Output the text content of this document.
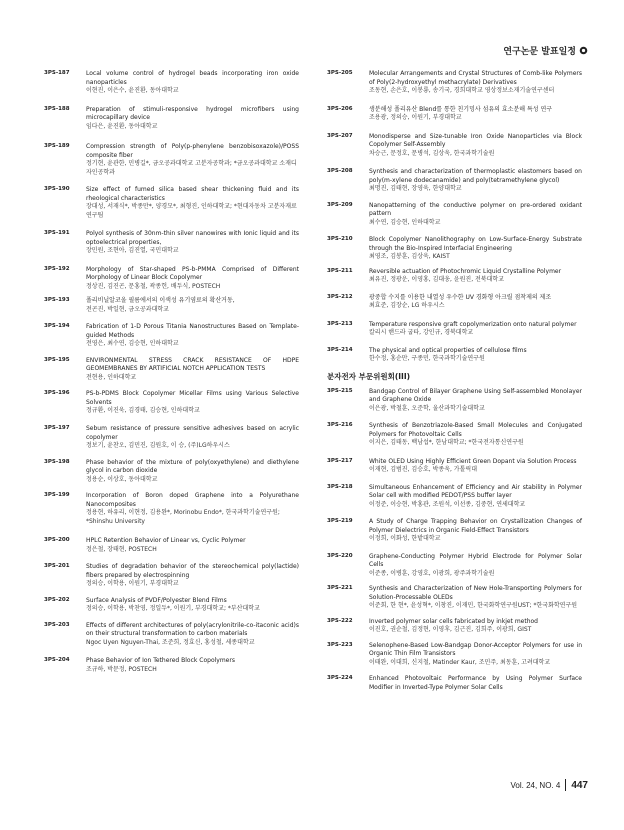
연구논문 발표일정
3PS-187	Local volume control of hydrogel beads incorporating iron oxide nanoparticles
이현진, 이은수, 윤진환, 동아대학교
3PS-188	Preparation of stimuli-responsive hydrogel microfibers using microcapillary device
임다은, 윤진환, 동아대학교
3PS-189	Compression strength of Poly(p-phenylene benzobisoxazole)/POSS composite fiber
정기현, 윤관한, 민병길*, 금오공과대학교 고분자공학과; *금오공과대학교 소재디자인공학과
3PS-190	Size effect of fumed silica based shear thickening fluid and its rheological characteristics
장대성, 서재식*, 박종만*, 양경모*, 최형진, 인하대학교; *현대자동차 고분자재료연구팀
3PS-191	Polyol synthesis of 30nm-thin silver nanowires with Ionic liquid and its optoelectrical properties,
장민원, 조현아, 김진열, 국민대학교
3PS-192	Morphology of Star-shaped PS-b-PMMA Comprised of Different Morphology of Linear Block Copolymer
정상진, 김진곤, 문홍철, 곽종헌, 배두식, POSTECH
3PS-193	폴리비닐알코올 필름에서의 이색성 유기염료의 확산거동,
전곤진, 박일현, 금오공과대학교
3PS-194	Fabrication of 1-D Porous Titania Nanostructures Based on Template-guided Methods
전영은, 최수연, 김승현, 인하대학교
3PS-195	ENVIRONMENTAL STRESS CRACK RESISTANCE OF HDPE GEOMEMBRANES BY ARTIFICIAL NOTCH APPLICATION TESTS
전현용, 인하대학교
3PS-196	PS-b-PDMS Block Copolymer Micellar Films using Various Selective Solvents
정규환, 이진욱, 김경태, 김승현, 인하대학교
3PS-197	Sebum resistance of pressure sensitive adhesives based on acrylic copolymer
정보기, 윤찬오, 김민진, 김원호, 이 승, (주)LG하우시스
3PS-198	Phase behavior of the mixture of poly(oxyethylene) and diethylene glycol in carbon dioxide
정용순, 이상호, 동아대학교
3PS-199	Incorporation of Boron doped Graphene into a Polyurethane Nanocomposites
정용현, 하유리, 이현정, 김용완*, Morinobu Endo*, 한국과학기술연구원; *Shinshu University
3PS-200	HPLC Retention Behavior of Linear vs, Cyclic Polymer
정은철, 장태현, POSTECH
3PS-201	Studies of degradation behavior of the stereochemical poly(lactide) fibers prepared by electrospinning
정의승, 이학용, 이원기, 부경대학교
3PS-202	Surface Analysis of PVDF/Polyester Blend Films
정의승, 이학용, 박찬영, 정일두*, 이원기, 부경대학교; *부산대학교
3PS-203	Effects of different architectures of poly(acrylonitrile-co-itaconic acid)s on their structural transformation to carbon materials
Ngoc Uyen Nguyen-Thai, 조준희, 정효신, 홍성철, 세종대학교
3PS-204	Phase Behavior of Ion Tethered Block Copolymers
조규하, 박문정, POSTECH
3PS-205	Molecular Arrangements and Crystal Structures of Comb-like Polymers of Poly(2-hydroxyethyl methacrylate) Derivatives
조동현, 손은호, 이봉룡, 송기국, 경희대학교 영상정보소재기술연구센터
3PS-206	생분해성 폴리유산 Blend를 통한 친기밍사 섬유의 효소분해 특성 연구
조용광, 정의승, 이원기, 부경대학교
3PS-207	Monodisperse and Size-tunable Iron Oxide Nanoparticles via Block Copolymer Self-Assembly
차승근, 문정호, 문병석, 김상욱, 한국과학기술원
3PS-208	Synthesis and characterization of thermoplastic elastomers based on poly(m-xylene dodecanamide) and poly(tetramethylene glycol)
최명진, 김태현, 장영욱, 한양대학교
3PS-209	Nanopatterning of the conductive polymer on pre-ordered oxidant pattern
최수연, 김승현, 인하대학교
3PS-210	Block Copolymer Nanolithography on Low-Surface-Energy Substrate through the Bio-Inspired Interfacial Engineering
최영조, 김봉훈, 김상욱, KAIST
3PS-211	Reversible actuation of Photochromic Liquid Crystalline Polymer
최유진, 정광운, 이영홍, 김대웅, 윤원진, 전북대학교
3PS-212	광중합 수지를 이용한 내열성 우수한 UV 경화형 아크릴 점착제의 제조
최효준, 김장순, LG 하우시스
3PS-213	Temperature responsive graft copolymerization onto natural polymer
칼리시 핸드라 굽타, 강인규, 경북대학교
3PS-214	The physical and optical properties of cellulose films
한수정, 홍순만, 구종민, 한국과학기술연구원
분자전자 부문위원회(III)
3PS-215	Bandgap Control of Bilayer Graphene Using Self-assembled Monolayer and Graphene Oxide
이은광, 박철훈, 오준학, 울산과학기술대학교
3PS-216	Synthesis of Benzotriazole-Based Small Molecules and Conjugated Polymers for Photovoltaic Cells
이지은, 김태동, 백남섭*, 한남대학교; *한국전자통신연구원
3PS-217	White OLED Using Highly Efficient Green Dopant via Solution Process
이재현, 김범진, 김승호, 박종욱, 가톨릭대
3PS-218	Simultaneous Enhancement of Efficiency and Air stability in Polymer Solar cell with modified PEDOT/PSS buffer layer
이정준, 이승현, 박홍관, 조원석, 이선종, 김중현, 연세대학교
3PS-219	A Study of Charge Trapping Behavior on Crystallization Changes of Polymer Dielectrics in Organic Field-Effect Transistors
이정희, 이화성, 한밭대학교
3PS-220	Graphene-Conducting Polymer Hybrid Electrode for Polymer Solar Cells
이준종, 이병훈, 강영호, 이광희, 광주과학기술원
3PS-221	Synthesis and Characterization of New Hole-Transporting Polymers for Solution-Processable OLEDs
이준회, 한 현*, 윤성혁*, 이창진, 이재민, 한국화학연구원UST; *한국화학연구원
3PS-222	Inverted polymer solar cells fabricated by inkjet method
이진호, 권순철, 김정현, 이영후, 김근진, 김희주, 이광희, GIST
3PS-223	Selenophene-Based Low-Bandgap Donor-Acceptor Polymers for use in Organic Thin Film Transistors
이태완, 이대희, 신지철, Matinder Kaur, 조민주, 최동훈, 고려대학교
3PS-224	Enhanced Photovoltaic Performance by Using Polymer Surface Modifier in Inverted-Type Polymer Solar Cells
Vol. 24, NO. 4 447
